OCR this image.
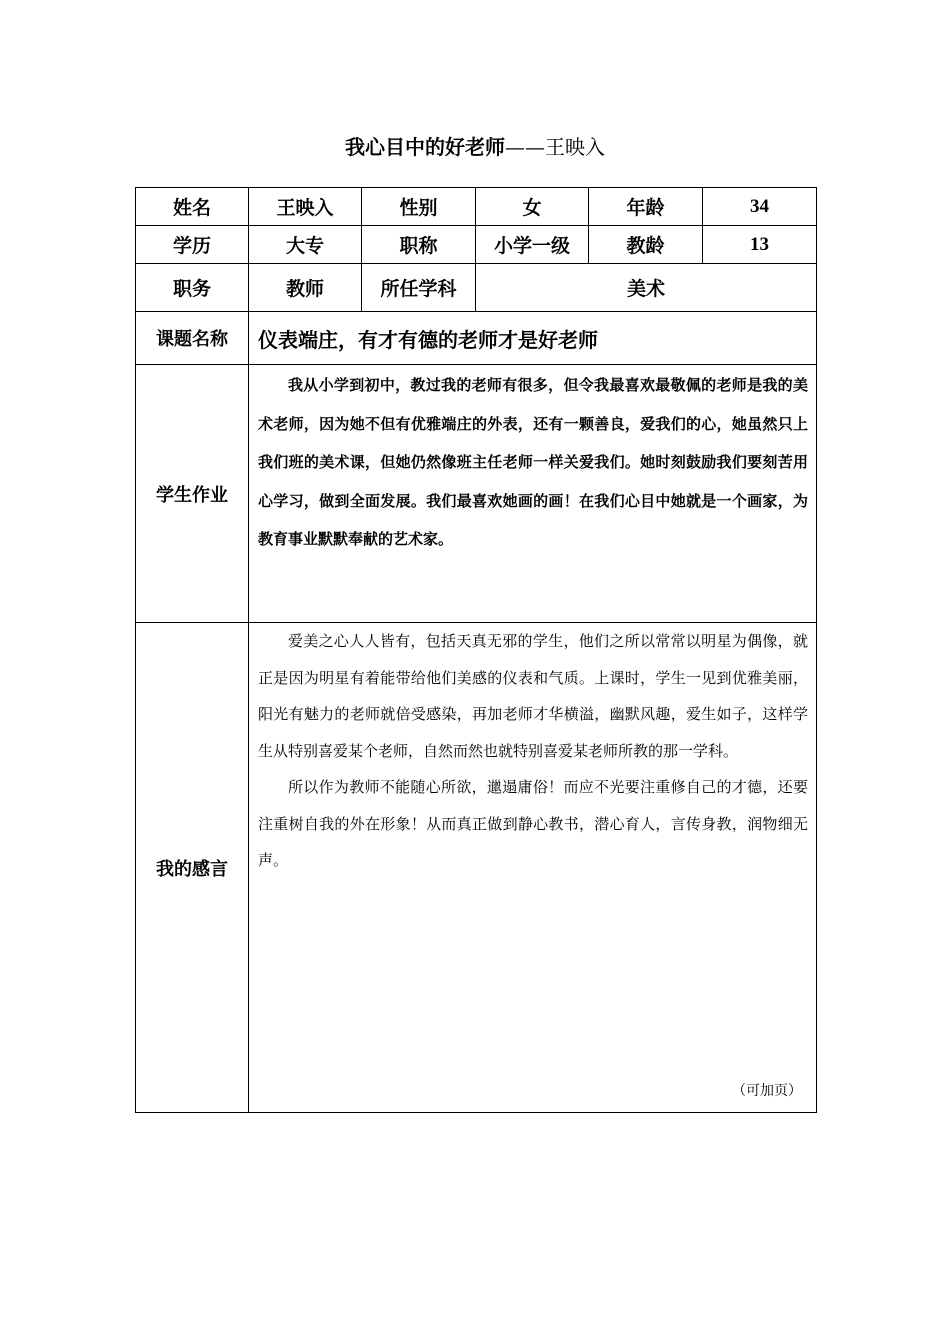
我心目中的好老师——王映入
姓名	王映入	性别	女	年龄	34
学历	大专	职称	小学一级	教龄	13
职务	教师	所任学科	美术		
课题名称	仪表端庄，有才有德的老师才是好老师				
学生作业	我从小学到初中，教过我的老师有很多，但令我最喜欢最敬佩的老师是我的美术老师，因为她不但有优雅端庄的外表，还有一颗善良，爱我们的心，她虽然只上我们班的美术课，但她仍然像班主任老师一样关爱我们。她时刻鼓励我们要刻苦用心学习，做到全面发展。我们最喜欢她画的画！在我们心目中她就是一个画家，为教育事业默默奉献的艺术家。				

我的感言	爱美之心人人皆有，包括天真无邪的学生，他们之所以常常以明星为偶像，就正是因为明星有着能带给他们美感的仪表和气质。上课时，学生一见到优雅美丽，阳光有魅力的老师就倍受感染，再加老师才华横溢，幽默风趣，爱生如子，这样学生从特别喜爱某个老师，自然而然也就特别喜爱某老师所教的那一学科。

所以作为教师不能随心所欲，邋遢庸俗！而应不光要注重修自己的才德，还要注重树自我的外在形象！从而真正做到静心教书，潜心育人，言传身教，润物细无声。

（可加页）				
